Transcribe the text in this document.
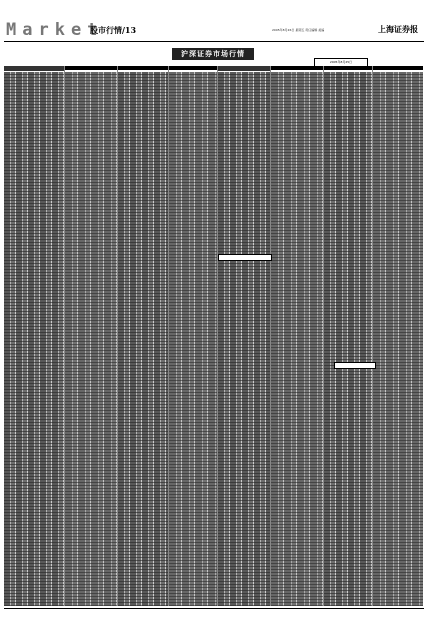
Market
股市行情/13	2005年8月26日 星期五 责任编辑 美编	上海证券报
沪深证券市场行情
2005年8月25日
